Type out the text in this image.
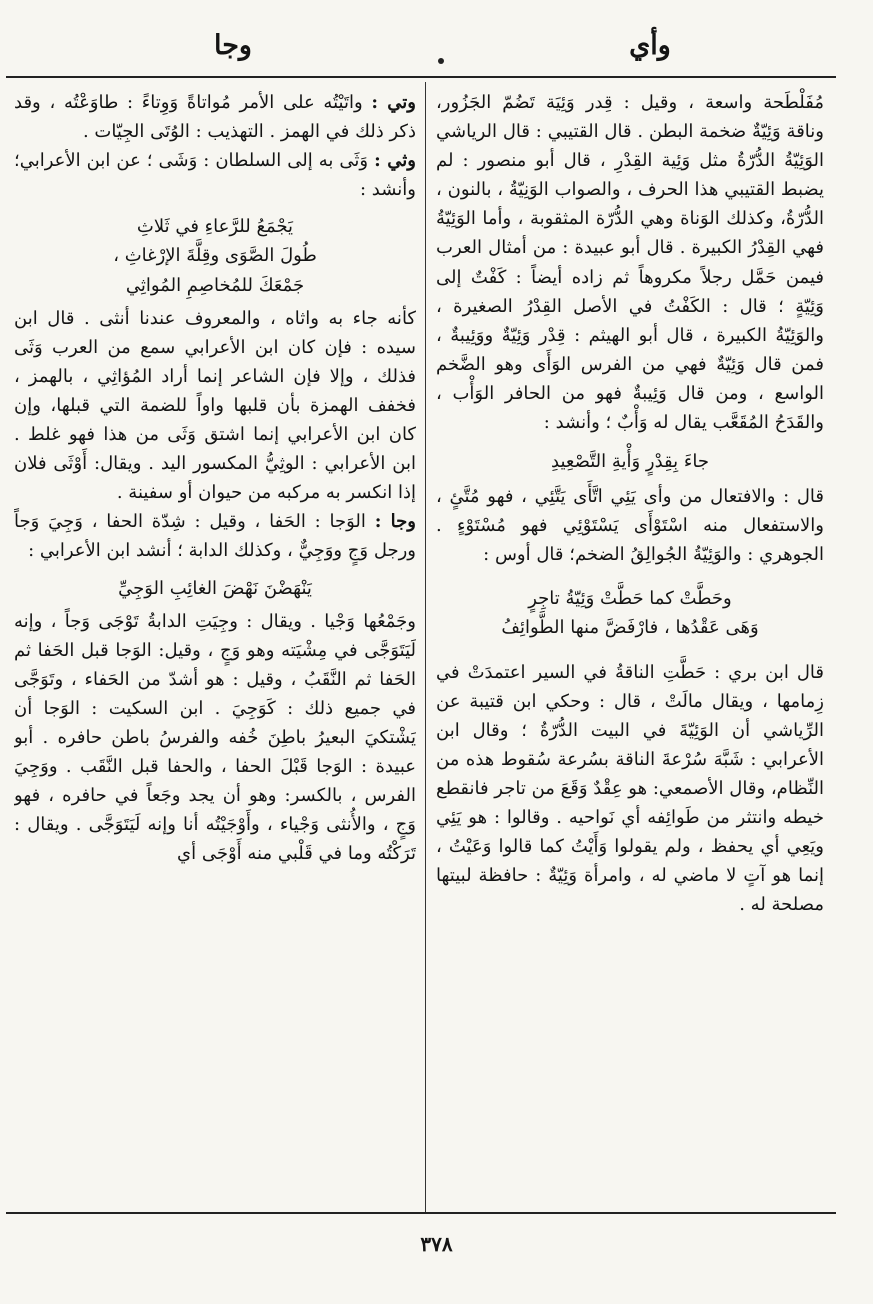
وأي
وجا

مُفَلْطَحة واسعة ، وقيل : قِدر وَئِيَة تَضُمّ الجَزُور، وناقة وَئِيّةٌ ضخمة البطن . قال القتيبي : قال الرياشي الوَئِيّةُ الدُّرّةُ مثل وَئِية القِدْرِ ، قال أبو منصور : لم يضبط القتيبي هذا الحرف ، والصواب الوَنِيّةُ ، بالنون ، الدُّرّةُ، وكذلك الوَناة وهي الدُّرّة المثقوبة ، وأما الوَئِيّةُ فهي القِدْرُ الكبيرة . قال أبو عبيدة : من أمثال العرب فيمن حَمَّل رجلاً مكروهاً ثم زاده أيضاً : كَفْتٌ إلى وَئِيّةٍ ؛ قال : الكَفْتُ في الأصل القِدْرُ الصغيرة ، والوَئِيّةُ الكبيرة ، قال أبو الهيثم : قِدْر وَئِيّةٌ ووَئِيبةٌ ، فمن قال وَئِيّةٌ فهي من الفرس الوَأَى وهو الضَّخم الواسع ، ومن قال وَئِيبةٌ فهو من الحافر الوَأْب ، والقَدَحُ المُقَعَّب يقال له وَأْبٌ ؛ وأنشد :

جاءَ بِقِدْرٍ وَأْيةِ التَّصْعِيدِ

قال : والافتعال من وأى يَئِي اتَّأَى يَتَّئِي ، فهو مُتَّئٍ ، والاستفعال منه اسْتَوْأَى يَسْتَوْئِي فهو مُسْتَوْءٍ . الجوهري : والوَئِيّةُ الجُوالِقُ الضخم؛ قال أوس :

وحَطَّتْ كما حَطَّتْ وَئِيّةُ تاجِرٍ

وَهَى عَقْدُها ، فارْفَضَّ منها الطَّوائِفُ

قال ابن بري : حَطَّتِ الناقةُ في السير اعتمدَتْ في زِمامها ، ويقال مالَتْ ، قال : وحكي ابن قتيبة عن الرِّياشي أن الوَئِيّةَ في البيت الدُّرّةُ ؛ وقال ابن الأعرابي : شَبَّهَ سُرْعةَ الناقة بسُرعة سُقوط هذه من النِّظام، وقال الأصمعي: هو عِقْدٌ وَقَعَ من تاجر فانقطع خيطه وانتثر من طَوائِفه أي نَواحيه . وقالوا : هو يَئِي ويَعِي أي يحفظ ، ولم يقولوا وَأَيْتُ كما قالوا وَعَيْتُ ، إنما هو آتٍ لا ماضي له ، وامرأة وَئِيّةٌ : حافظة لبيتها مصلحة له .

وتي : واتَيْتُه على الأمر مُواتاةً وَوِتاءً : طاوَعْتُه ، وقد ذكر ذلك في الهمز . التهذيب : الوُتَى الجِيّات .

وثي : وَثَى به إلى السلطان : وَشَى ؛ عن ابن الأعرابي؛ وأنشد :

يَجْمَعُ للرَّعاءِ في ثَلاثِ

طُولَ الصَّوَى وقِلَّةَ الإرْغاثِ ،

جَمْعَكَ للمُخاصِمِ المُواثِي

كأنه جاء به واثاه ، والمعروف عندنا أنثى . قال ابن سيده : فإن كان ابن الأعرابي سمع من العرب وَثَى فذلك ، وإلا فإن الشاعر إنما أراد المُؤاثِي ، بالهمز ، فخفف الهمزة بأن قلبها واواً للضمة التي قبلها، وإن كان ابن الأعرابي إنما اشتق وَثَى من هذا فهو غلط . ابن الأعرابي : الوثِيُّ المكسور اليد . ويقال: أَوْثَى فلان إذا انكسر به مركبه من حيوان أو سفينة .

وجا : الوَجا : الحَفا ، وقيل : شِدّة الحفا ، وَجِيَ وَجاً ورجل وَجٍ ووَجِيٌّ ، وكذلك الدابة ؛ أنشد ابن الأعرابي :

يَنْهَضْنَ نَهْضَ الغائِبِ الوَجِيِّ

وجَمْعُها وَجْيا . ويقال : وجِيَتِ الدابةُ تَوْجَى وَجاً ، وإنه لَيَتَوَجَّى في مِشْيَته وهو وَجٍ ، وقيل: الوَجا قبل الحَفا ثم الحَفا ثم النَّقَبُ ، وقيل : هو أشدّ من الحَفاء ، وتَوَجَّى في جميع ذلك : كَوَجِيَ . ابن السكيت : الوَجا أن يَشْتكيَ البعيرُ باطِنَ خُفه والفرسُ باطن حافره . أبو عبيدة : الوَجا قَبْلَ الحفا ، والحفا قبل النَّقَب . ووَجِيَ الفرس ، بالكسر: وهو أن يجد وجَعاً في حافره ، فهو وَجٍ ، والأُنثى وَجْياء ، وأَوْجَيْتُه أنا وإنه لَيَتَوَجَّى . ويقال : تَرَكْتُه وما في قَلْبي منه أَوْجَى أي

٣٧٨
